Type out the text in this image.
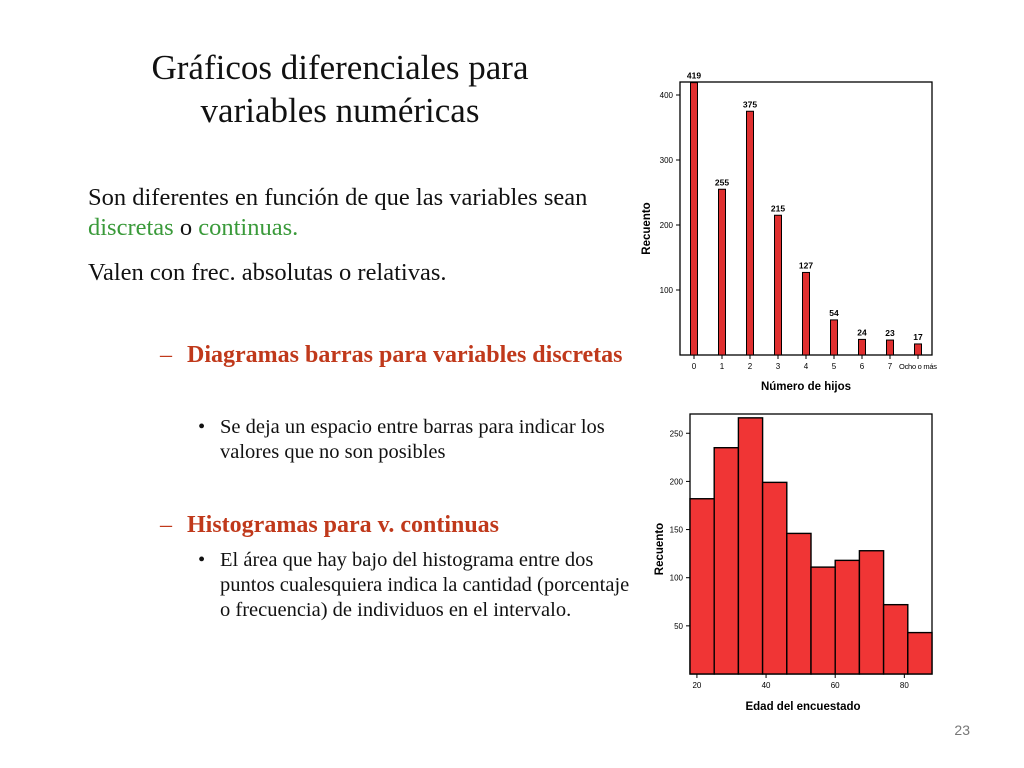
Gráficos diferenciales para variables numéricas

Son diferentes en función de que las variables sean discretas o continuas.

Valen con frec. absolutas o relativas.

– Diagramas barras para variables discretas
• Se deja un espacio entre barras para indicar los valores que no son posibles
– Histogramas para v. continuas
• El área que hay bajo del histograma entre dos puntos cualesquiera indica la cantidad (porcentaje o frecuencia) de individuos en el intervalo.
23
100
200
300
400
419
0
255
1
375
2
215
3
127
4
54
5
24
6
23
7
17
Ocho o más
Número de hijos
Recuento
50
100
150
200
250
20	40	60	80
Edad del encuestado
Recuento
